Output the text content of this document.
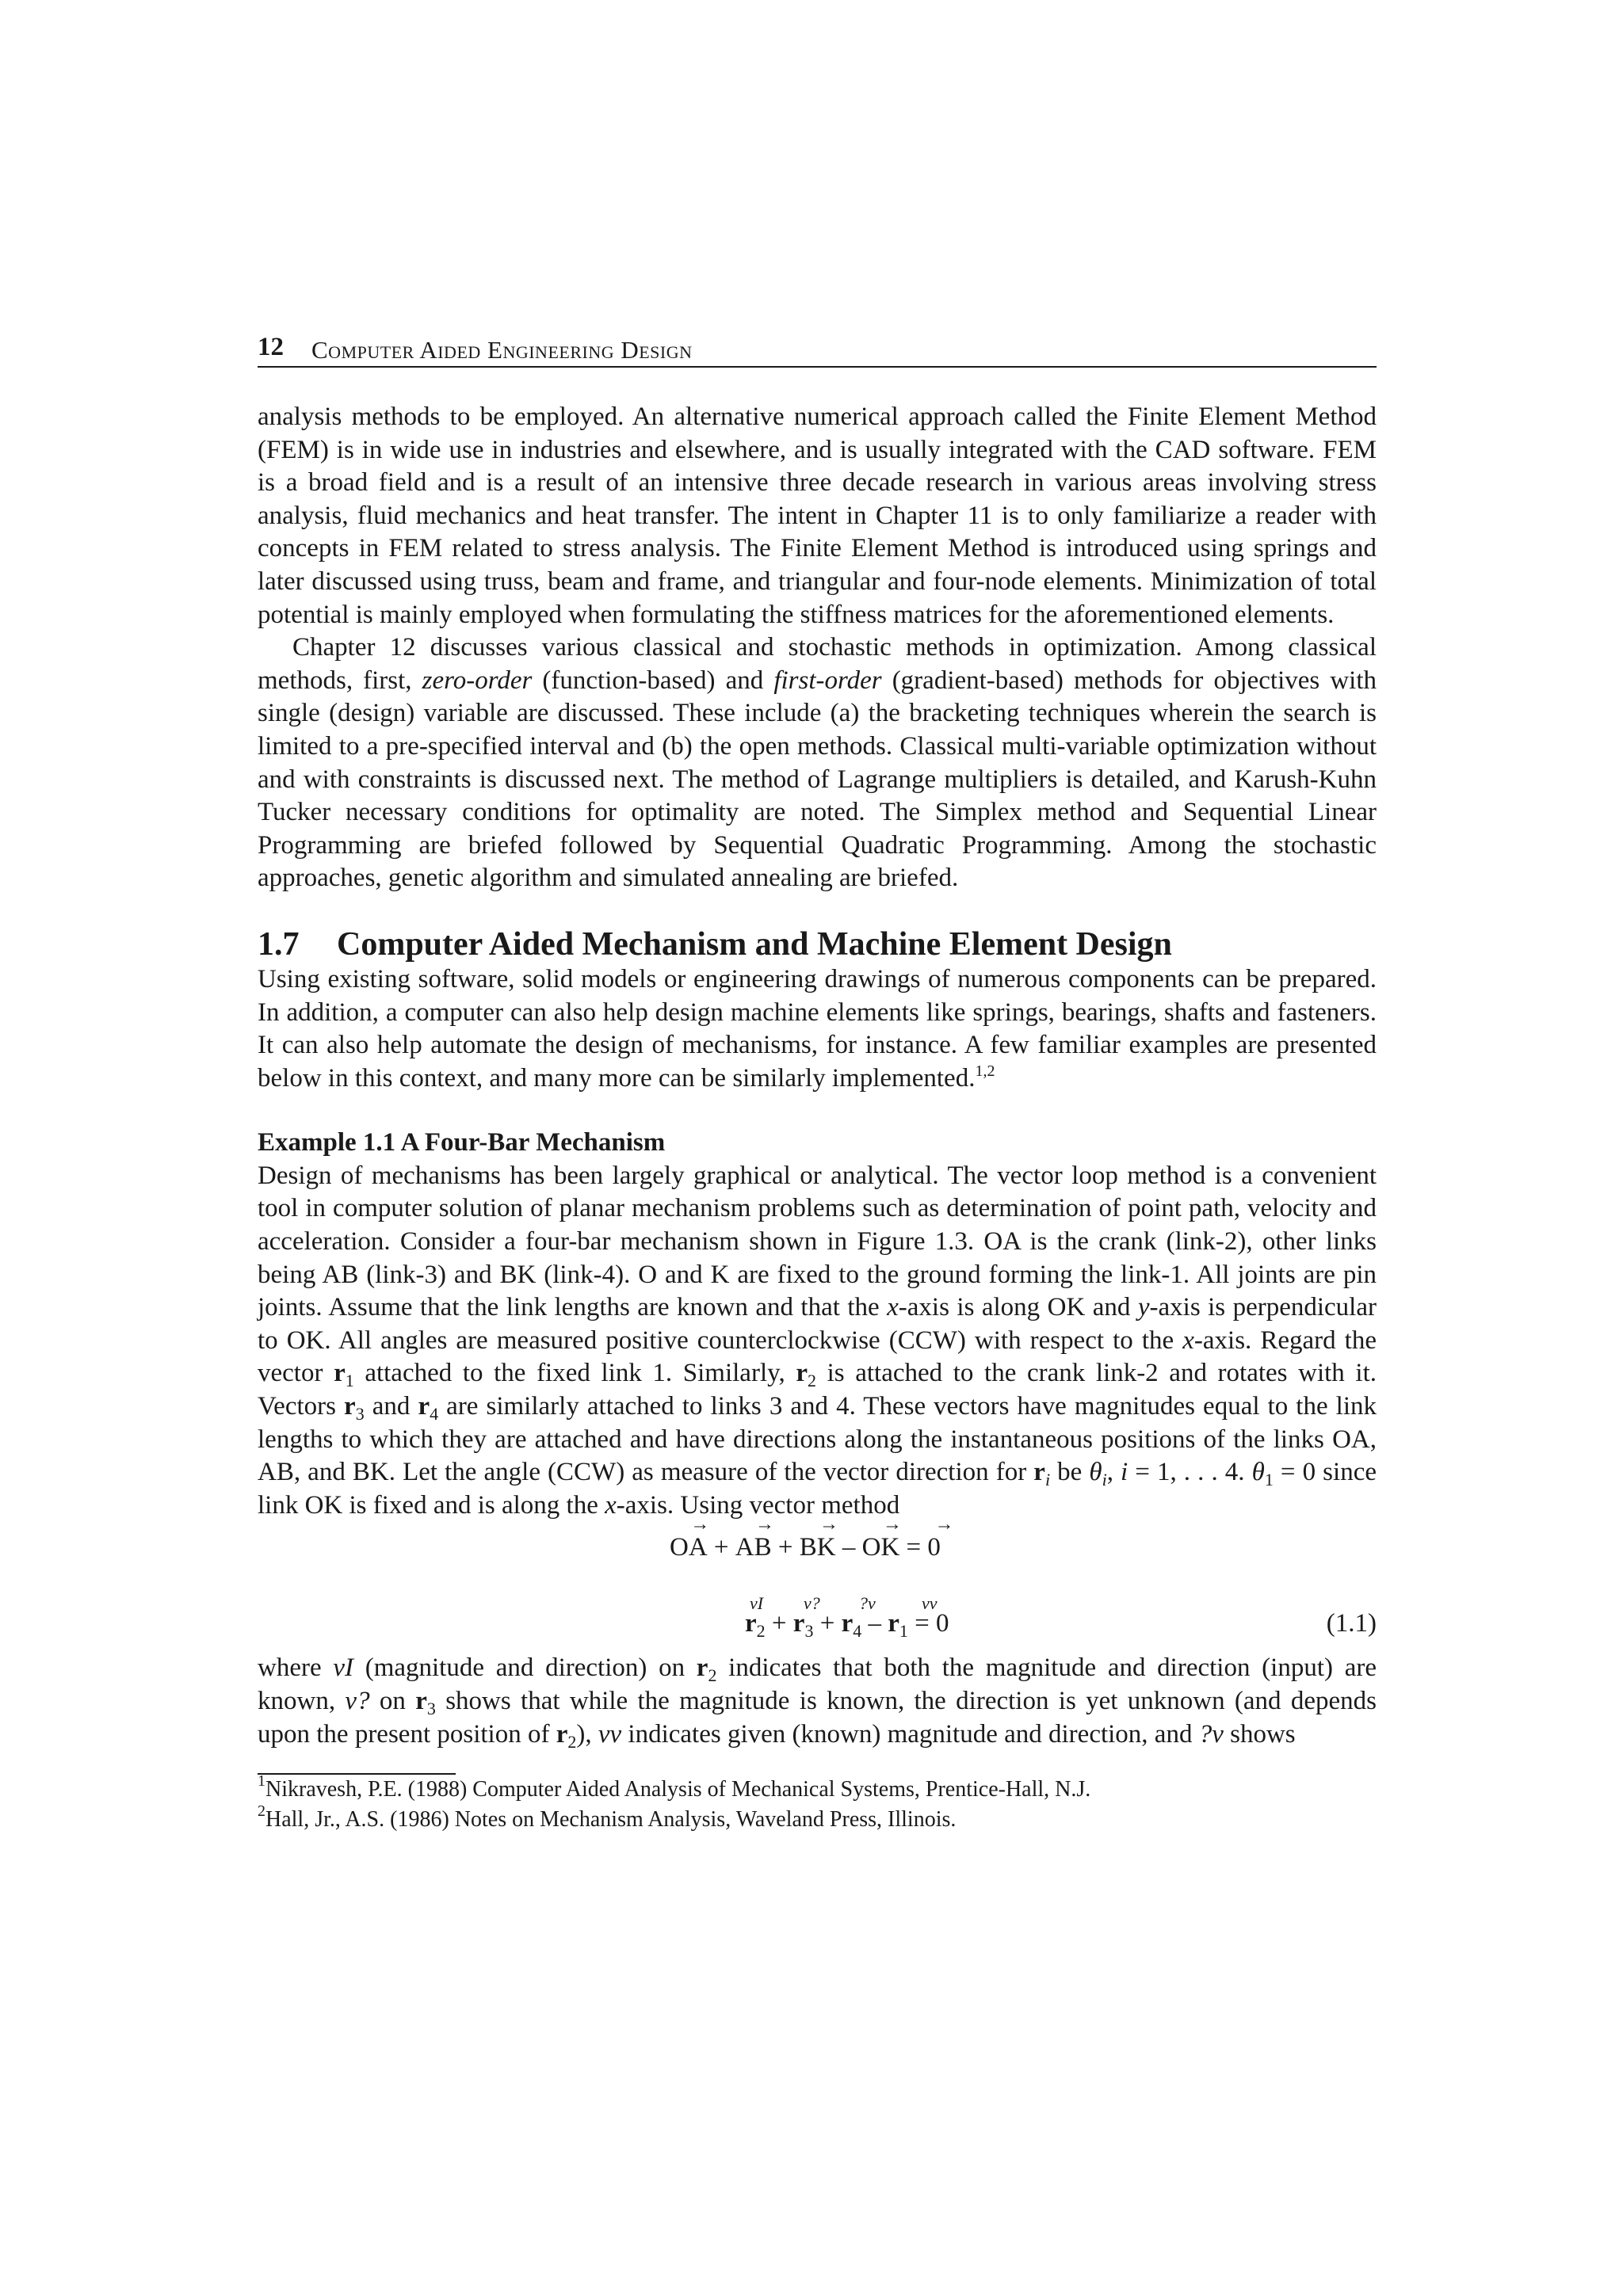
12 Computer Aided Engineering Design

analysis methods to be employed. An alternative numerical approach called the Finite Element Method (FEM) is in wide use in industries and elsewhere, and is usually integrated with the CAD software. FEM is a broad field and is a result of an intensive three decade research in various areas involving stress analysis, fluid mechanics and heat transfer. The intent in Chapter 11 is to only familiarize a reader with concepts in FEM related to stress analysis. The Finite Element Method is introduced using springs and later discussed using truss, beam and frame, and triangular and four-node elements. Minimization of total potential is mainly employed when formulating the stiffness matrices for the aforementioned elements.

Chapter 12 discusses various classical and stochastic methods in optimization. Among classical methods, first, zero-order (function-based) and first-order (gradient-based) methods for objectives with single (design) variable are discussed. These include (a) the bracketing techniques wherein the search is limited to a pre-specified interval and (b) the open methods. Classical multi-variable optimization without and with constraints is discussed next. The method of Lagrange multipliers is detailed, and Karush-Kuhn Tucker necessary conditions for optimality are noted. The Simplex method and Sequential Linear Programming are briefed followed by Sequential Quadratic Programming. Among the stochastic approaches, genetic algorithm and simulated annealing are briefed.

1.7 Computer Aided Mechanism and Machine Element Design

Using existing software, solid models or engineering drawings of numerous components can be prepared. In addition, a computer can also help design machine elements like springs, bearings, shafts and fasteners. It can also help automate the design of mechanisms, for instance. A few familiar examples are presented below in this context, and many more can be similarly implemented.$^{1,2}$

Example 1.1 A Four-Bar Mechanism

Design of mechanisms has been largely graphical or analytical. The vector loop method is a convenient tool in computer solution of planar mechanism problems such as determination of point path, velocity and acceleration. Consider a four-bar mechanism shown in Figure 1.3. OA is the crank (link-2), other links being AB (link-3) and BK (link-4). O and K are fixed to the ground forming the link-1. All joints are pin joints. Assume that the link lengths are known and that the x-axis is along OK and y-axis is perpendicular to OK. All angles are measured positive counterclockwise (CCW) with respect to the x-axis. Regard the vector $r_1$ attached to the fixed link 1. Similarly, $r_2$ is attached to the crank link-2 and rotates with it. Vectors $r_3$ and $r_4$ are similarly attached to links 3 and 4. These vectors have magnitudes equal to the link lengths to which they are attached and have directions along the instantaneous positions of the links OA, AB, and BK. Let the angle (CCW) as measure of the vector direction for $r_i$ be $\theta_i$, i = 1, . . . 4. $\theta_1 = 0$ since link OK is fixed and is along the x-axis. Using vector method

→ OA + → AB + → BK – → OK = → 0
vI v? ?v	vv
$r_2 + r_3 + r_4 - r_1 = 0$	(1.1)

where vI (magnitude and direction) on $r_2$ indicates that both the magnitude and direction (input) are known, v? on $r_3$ shows that while the magnitude is known, the direction is yet unknown (and depends upon the present position of $r_2$), vv indicates given (known) magnitude and direction, and ?v shows

$^1$Nikravesh, P.E. (1988) Computer Aided Analysis of Mechanical Systems, Prentice-Hall, N.J.

$^2$Hall, Jr., A.S. (1986) Notes on Mechanism Analysis, Waveland Press, Illinois.
